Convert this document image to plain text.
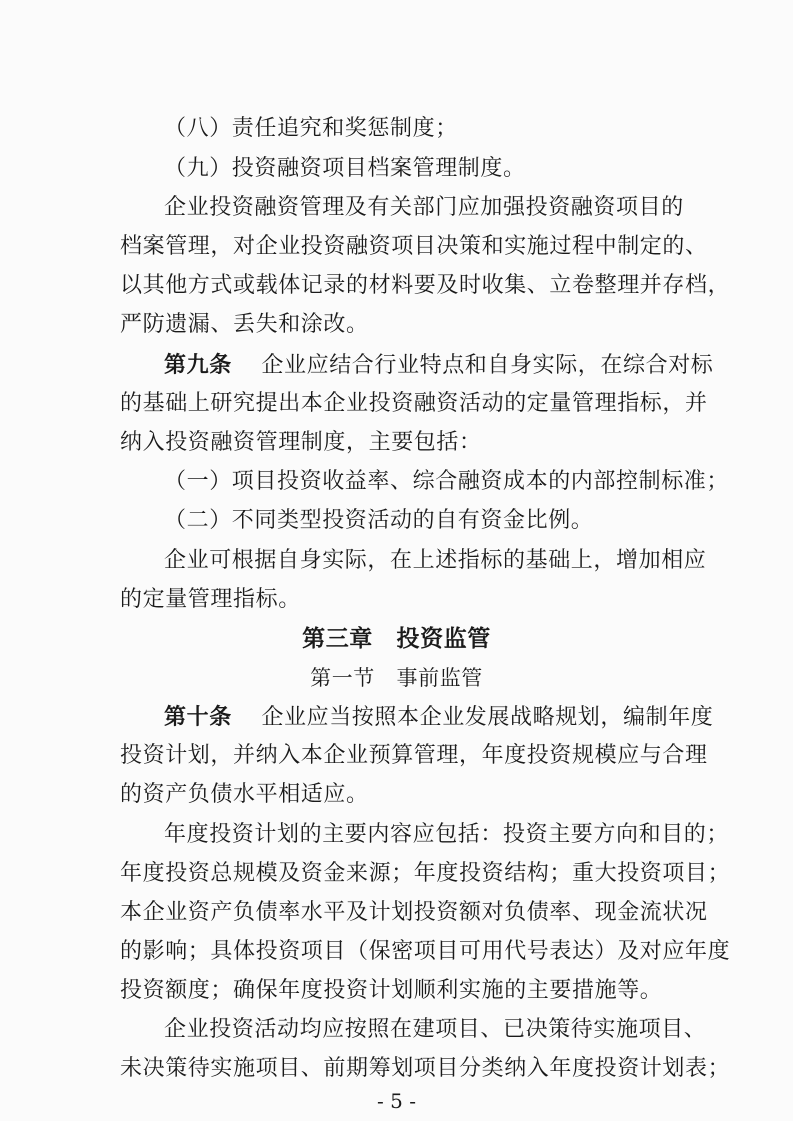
（八）责任追究和奖惩制度；
（九）投资融资项目档案管理制度。
企业投资融资管理及有关部门应加强投资融资项目的
档案管理，对企业投资融资项目决策和实施过程中制定的、
以其他方式或载体记录的材料要及时收集、立卷整理并存档，
严防遗漏、丢失和涂改。
第九条 企业应结合行业特点和自身实际，在综合对标
的基础上研究提出本企业投资融资活动的定量管理指标，并
纳入投资融资管理制度，主要包括：
（一）项目投资收益率、综合融资成本的内部控制标准；
（二）不同类型投资活动的自有资金比例。
企业可根据自身实际，在上述指标的基础上，增加相应
的定量管理指标。
第三章　投资监管
第一节　事前监管
第十条 企业应当按照本企业发展战略规划，编制年度
投资计划，并纳入本企业预算管理，年度投资规模应与合理
的资产负债水平相适应。
年度投资计划的主要内容应包括：投资主要方向和目的；
年度投资总规模及资金来源；年度投资结构；重大投资项目；
本企业资产负债率水平及计划投资额对负债率、现金流状况
的影响；具体投资项目（保密项目可用代号表达）及对应年度
投资额度；确保年度投资计划顺利实施的主要措施等。
企业投资活动均应按照在建项目、已决策待实施项目、
未决策待实施项目、前期筹划项目分类纳入年度投资计划表；
- 5 -
